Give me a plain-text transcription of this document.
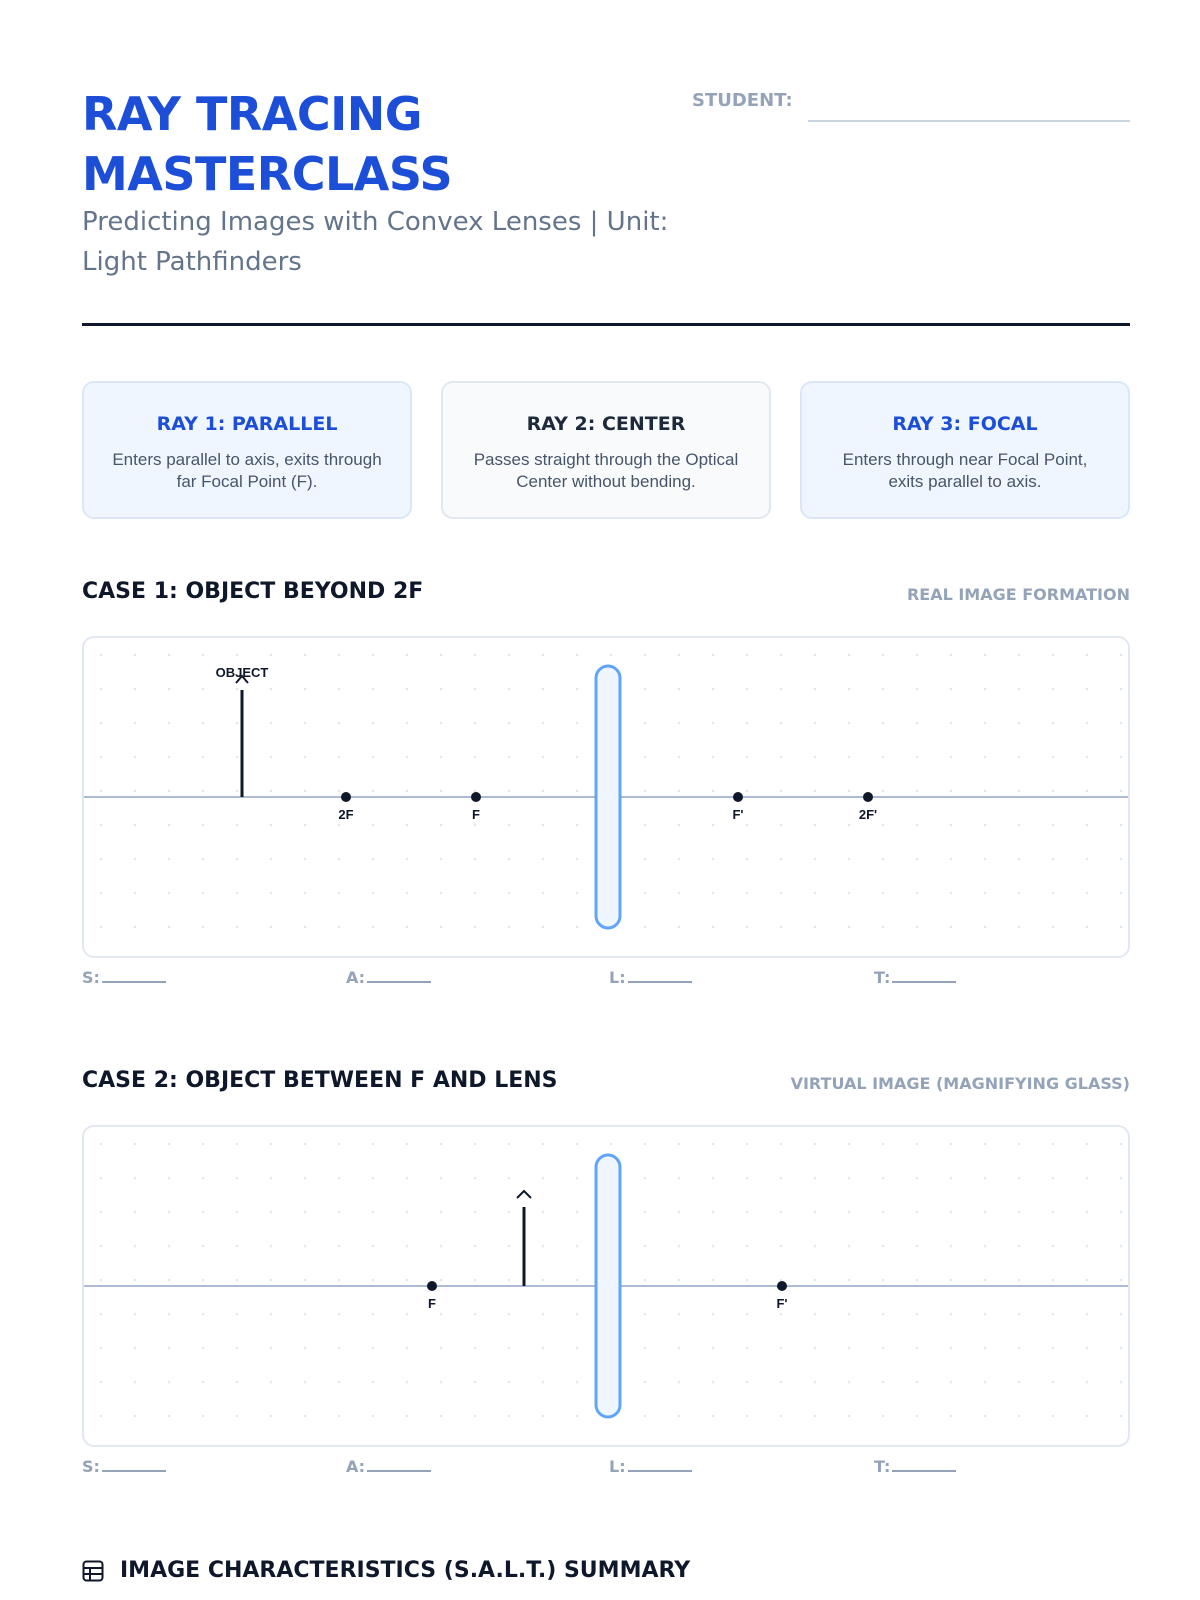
RAY TRACING MASTERCLASS
Predicting Images with Convex Lenses | Unit: Light Pathfinders
STUDENT:
RAY 1: PARALLEL
Enters parallel to axis, exits through far Focal Point (F).
RAY 2: CENTER
Passes straight through the Optical Center without bending.
RAY 3: FOCAL
Enters through near Focal Point, exits parallel to axis.
CASE 1: OBJECT BEYOND 2F	REAL IMAGE FORMATION
OBJECT
2F	F	F'	2F'
S:	A:	L:	T:
CASE 2: OBJECT BETWEEN F AND LENS	VIRTUAL IMAGE (MAGNIFYING GLASS)
F	F'
S:	A:	L:	T:
IMAGE CHARACTERISTICS (S.A.L.T.) SUMMARY
